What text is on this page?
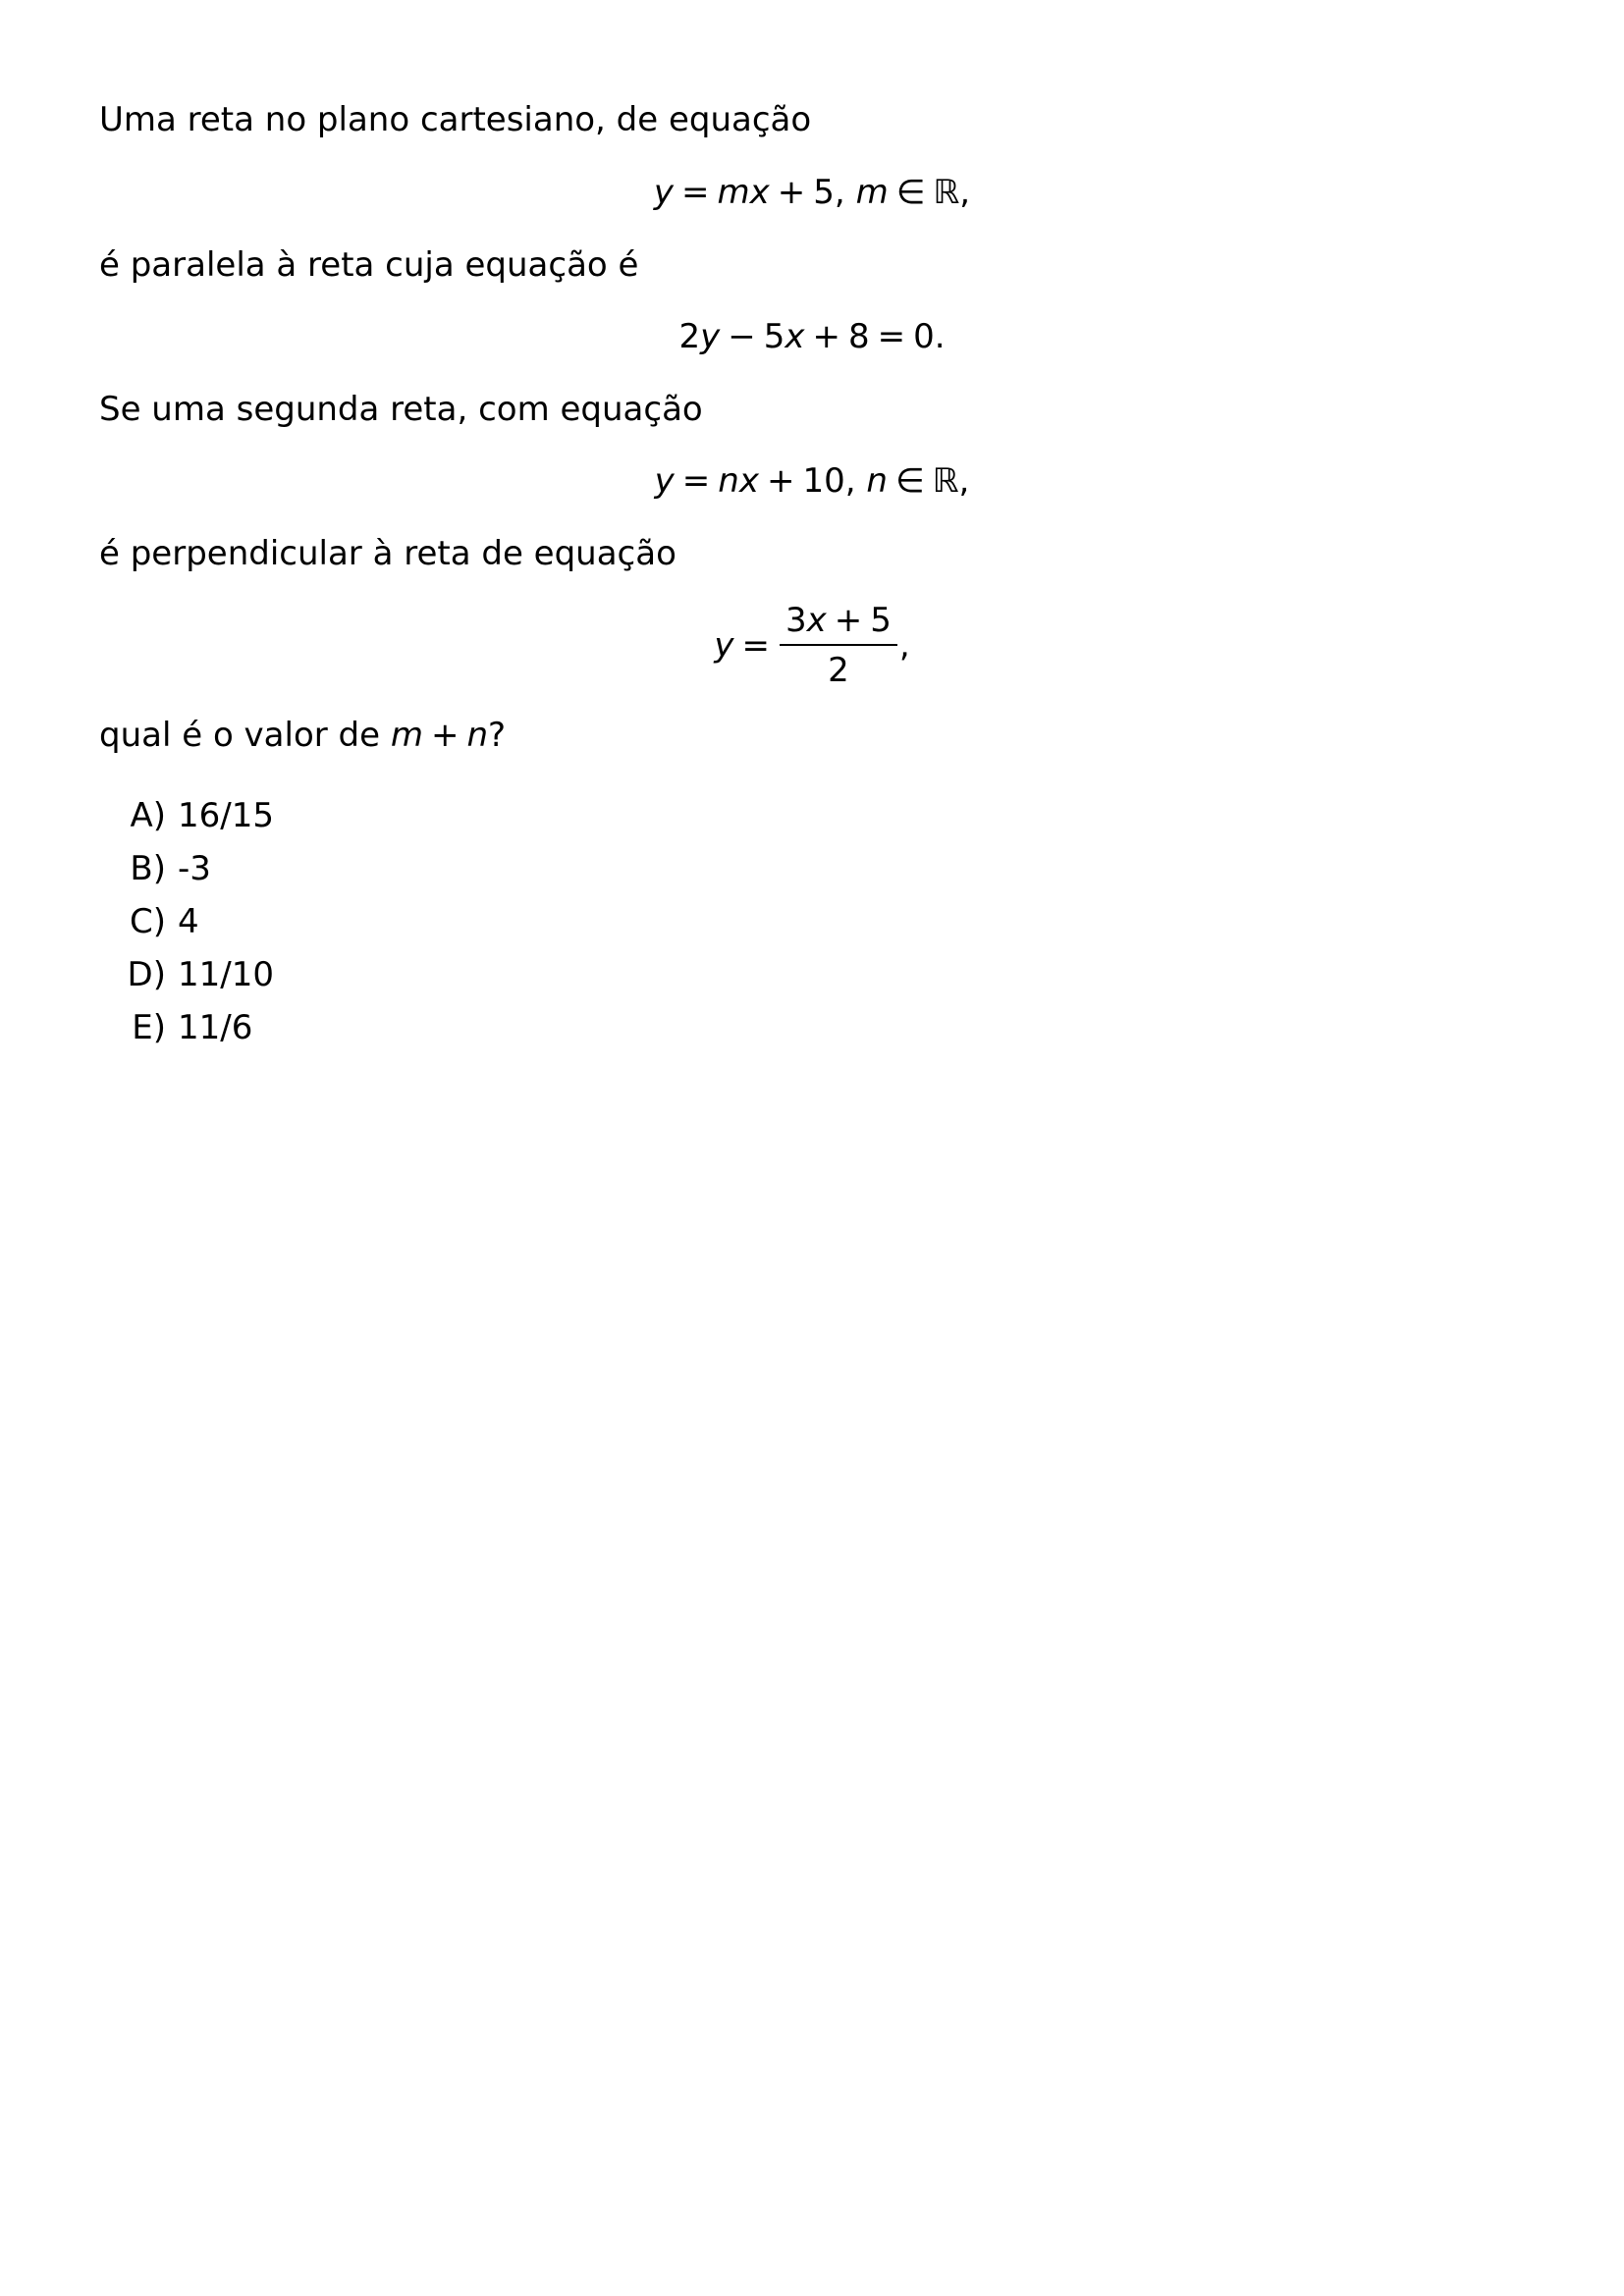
Uma reta no plano cartesiano, de equação
y = mx + 5, m ∈ ℝ,
é paralela à reta cuja equação é
2y − 5x + 8 = 0.
Se uma segunda reta, com equação
y = nx + 10, n ∈ ℝ,
é perpendicular à reta de equação
$y = \frac{3x + 5}{2}$ ,
qual é o valor de m + n?
A) 16/15
B) -3
C) 4
D) 11/10
E) 11/6
